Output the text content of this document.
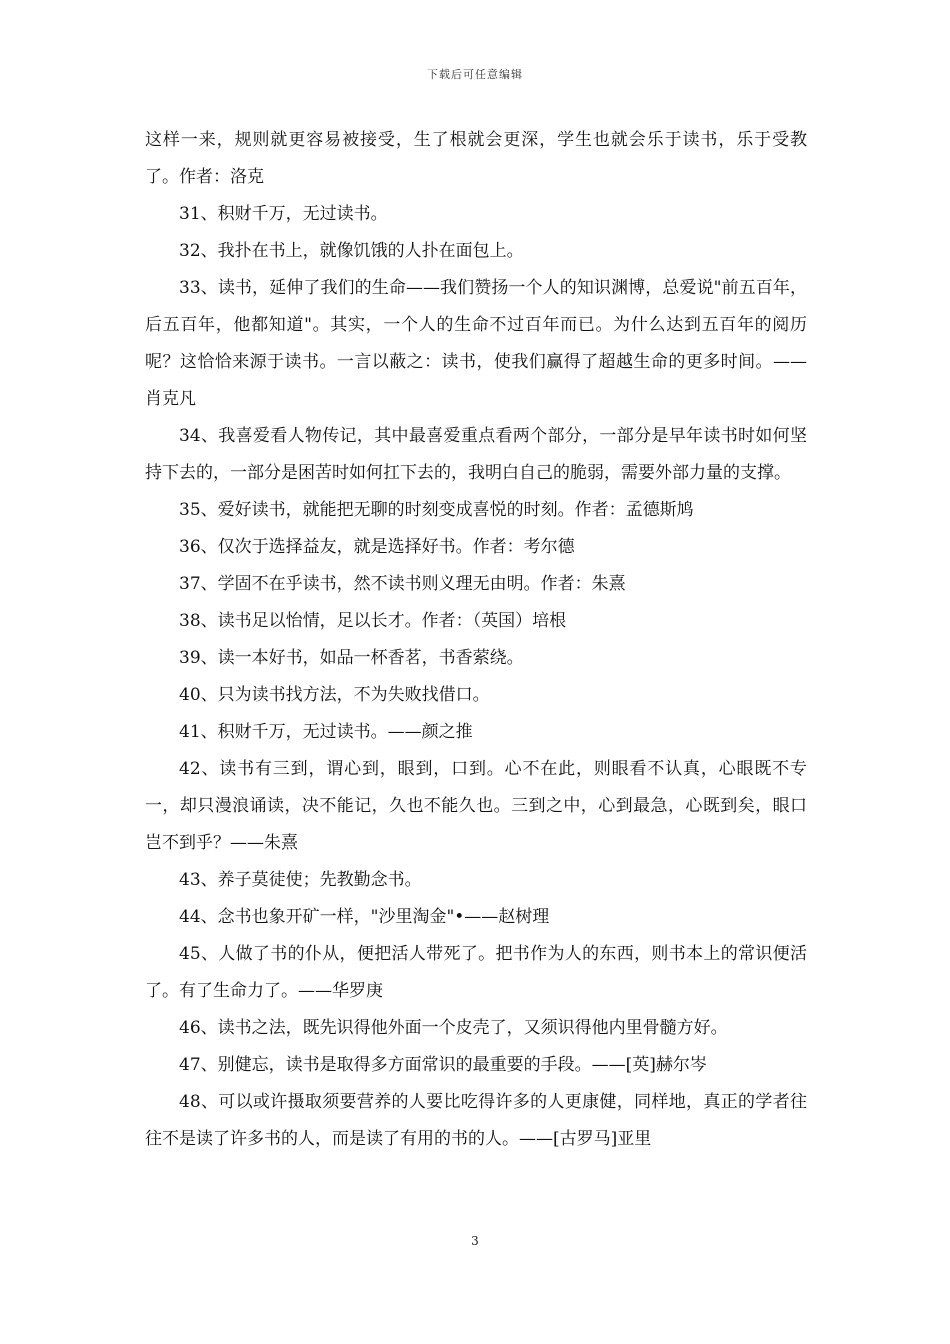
下载后可任意编辑

这样一来，规则就更容易被接受，生了根就会更深，学生也就会乐于读书，乐于受教了。作者：洛克

31、积财千万，无过读书。

32、我扑在书上，就像饥饿的人扑在面包上。

33、读书，延伸了我们的生命——我们赞扬一个人的知识渊博，总爱说"前五百年，后五百年，他都知道"。其实，一个人的生命不过百年而已。为什么达到五百年的阅历呢？这恰恰来源于读书。一言以蔽之：读书，使我们赢得了超越生命的更多时间。——肖克凡

34、我喜爱看人物传记，其中最喜爱重点看两个部分，一部分是早年读书时如何坚持下去的，一部分是困苦时如何扛下去的，我明白自己的脆弱，需要外部力量的支撑。

35、爱好读书，就能把无聊的时刻变成喜悦的时刻。作者：孟德斯鸠

36、仅次于选择益友，就是选择好书。作者：考尔德

37、学固不在乎读书，然不读书则义理无由明。作者：朱熹

38、读书足以怡情，足以长才。作者：（英国）培根

39、读一本好书，如品一杯香茗，书香萦绕。

40、只为读书找方法，不为失败找借口。

41、积财千万，无过读书。——颜之推

42、读书有三到，谓心到，眼到，口到。心不在此，则眼看不认真，心眼既不专一，却只漫浪诵读，决不能记，久也不能久也。三到之中，心到最急，心既到矣，眼口岂不到乎？——朱熹

43、养子莫徒使；先教勤念书。

44、念书也象开矿一样，"沙里淘金"•——赵树理

45、人做了书的仆从，便把活人带死了。把书作为人的东西，则书本上的常识便活了。有了生命力了。——华罗庚

46、读书之法，既先识得他外面一个皮壳了，又须识得他内里骨髓方好。

47、别健忘，读书是取得多方面常识的最重要的手段。——[英]赫尔岑

48、可以或许摄取须要营养的人要比吃得许多的人更康健，同样地，真正的学者往往不是读了许多书的人，而是读了有用的书的人。——[古罗马]亚里

3
